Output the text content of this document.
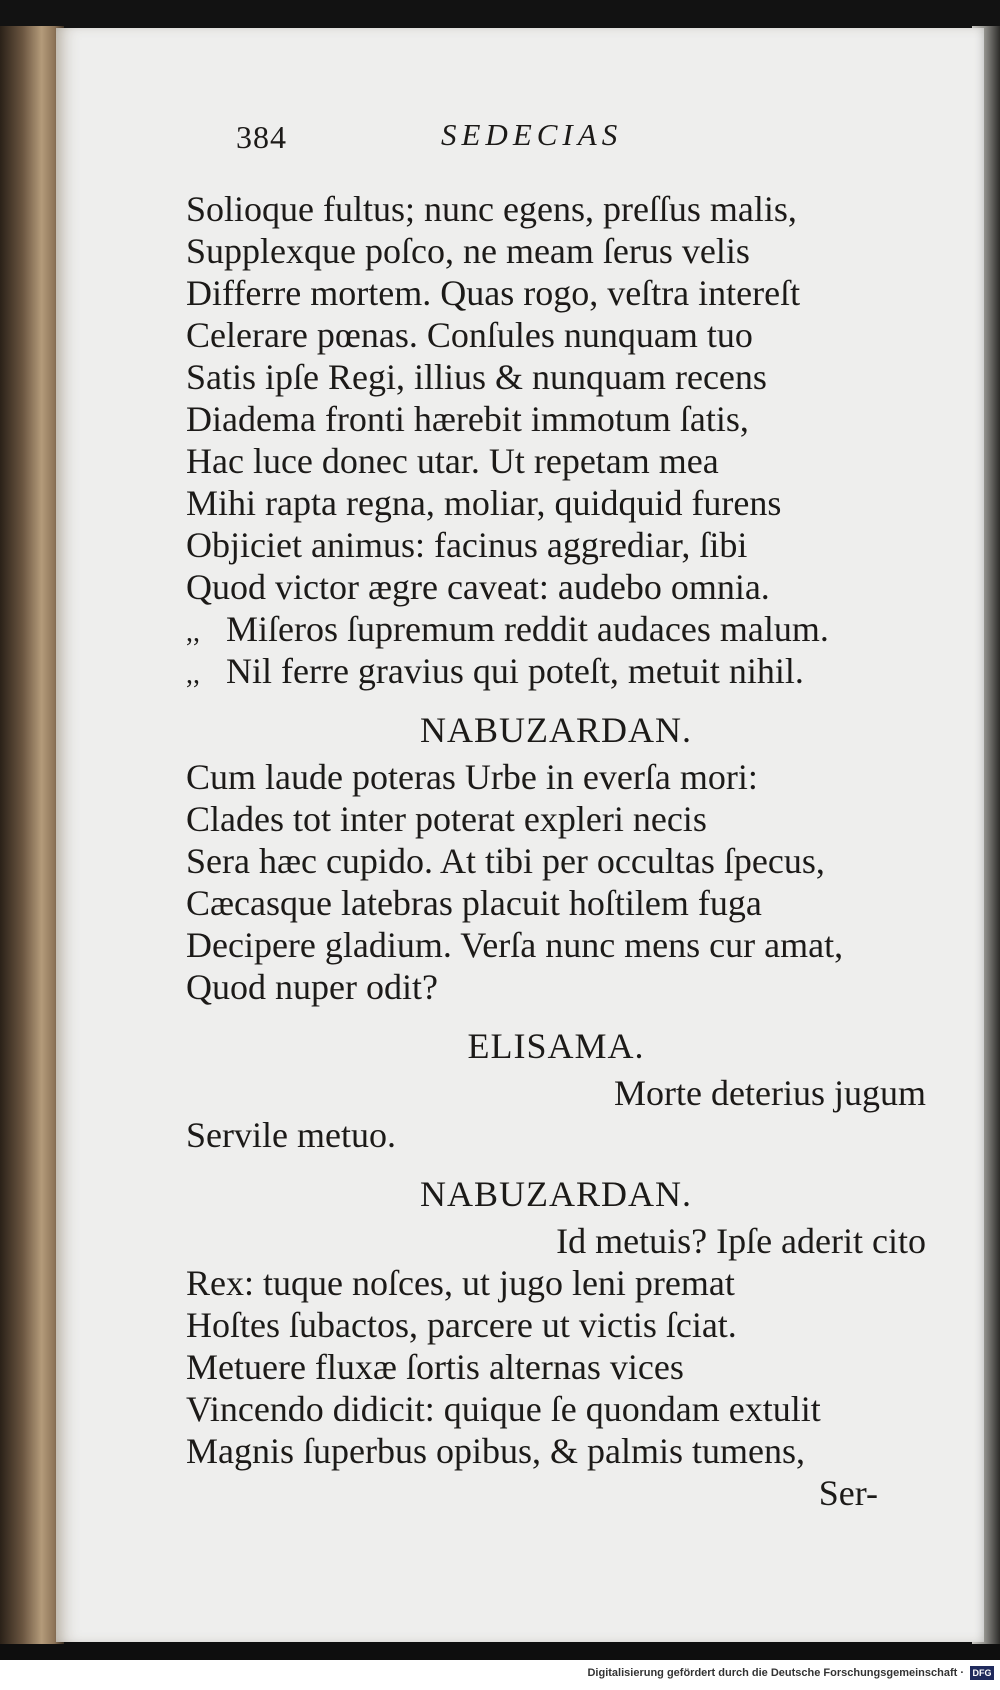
384	SEDECIAS
Solioque fultus; nunc egens, preſſus malis,
Supplexque poſco, ne meam ſerus velis
Differre mortem. Quas rogo, veſtra intereſt
Celerare pœnas. Conſules nunquam tuo
Satis ipſe Regi, illius & nunquam recens
Diadema fronti hærebit immotum ſatis,
Hac luce donec utar. Ut repetam mea
Mihi rapta regna, moliar, quidquid furens
Objiciet animus: facinus aggrediar, ſibi
Quod victor ægre caveat: audebo omnia.
,, Miſeros ſupremum reddit audaces malum.
,, Nil ferre gravius qui poteſt, metuit nihil.
NABUZARDAN.
Cum laude poteras Urbe in everſa mori:
Clades tot inter poterat expleri necis
Sera hæc cupido. At tibi per occultas ſpecus,
Cæcasque latebras placuit hoſtilem fuga
Decipere gladium. Verſa nunc mens cur amat,
Quod nuper odit?
ELISAMA.
Morte deterius jugum
Servile metuo.
NABUZARDAN.
Id metuis? Ipſe aderit cito
Rex: tuque noſces, ut jugo leni premat
Hoſtes ſubactos, parcere ut victis ſciat.
Metuere fluxæ ſortis alternas vices
Vincendo didicit: quique ſe quondam extulit
Magnis ſuperbus opibus, & palmis tumens,
Ser-
Digitalisierung gefördert durch die Deutsche Forschungsgemeinschaft · DFG
